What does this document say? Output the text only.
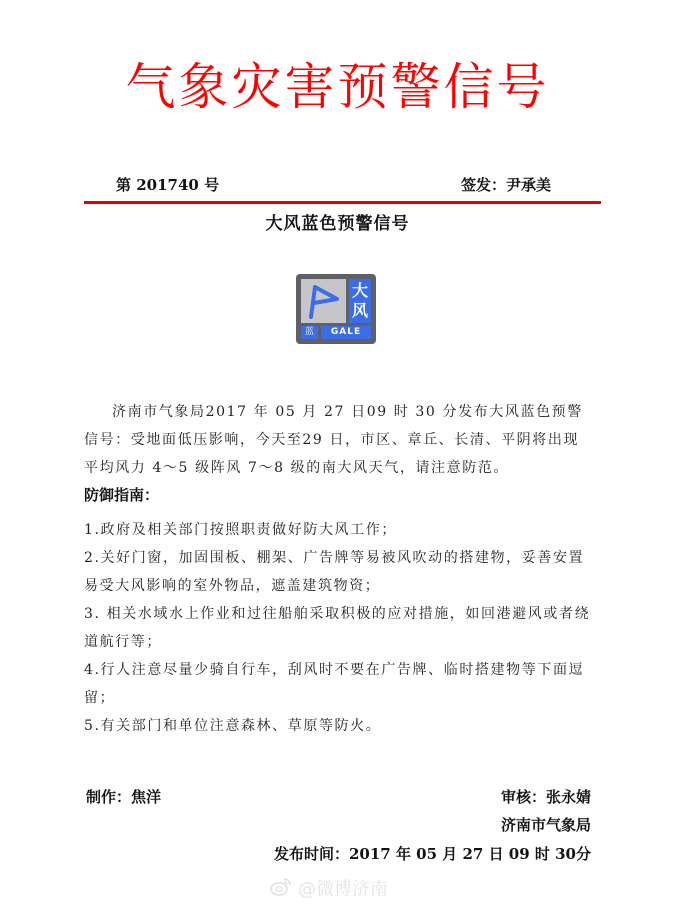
气象灾害预警信号
第 201740 号	签发：尹承美
大风蓝色预警信号
大
风
蓝	GALE
济南市气象局2017 年 05 月 27 日09 时 30 分发布大风蓝色预警信号：受地面低压影响，今天至29 日，市区、章丘、长清、平阴将出现平均风力 4～5 级阵风 7～8 级的南大风天气，请注意防范。
防御指南：

1.政府及相关部门按照职责做好防大风工作；

2.关好门窗，加固围板、棚架、广告牌等易被风吹动的搭建物，妥善安置易受大风影响的室外物品，遮盖建筑物资；

3. 相关水域水上作业和过往船舶采取积极的应对措施，如回港避风或者绕道航行等；

4.行人注意尽量少骑自行车，刮风时不要在广告牌、临时搭建物等下面逗留；

5.有关部门和单位注意森林、草原等防火。

制作：焦洋	审核：张永婧
济南市气象局
发布时间：2017 年 05 月 27 日 09 时 30分
@微博济南
